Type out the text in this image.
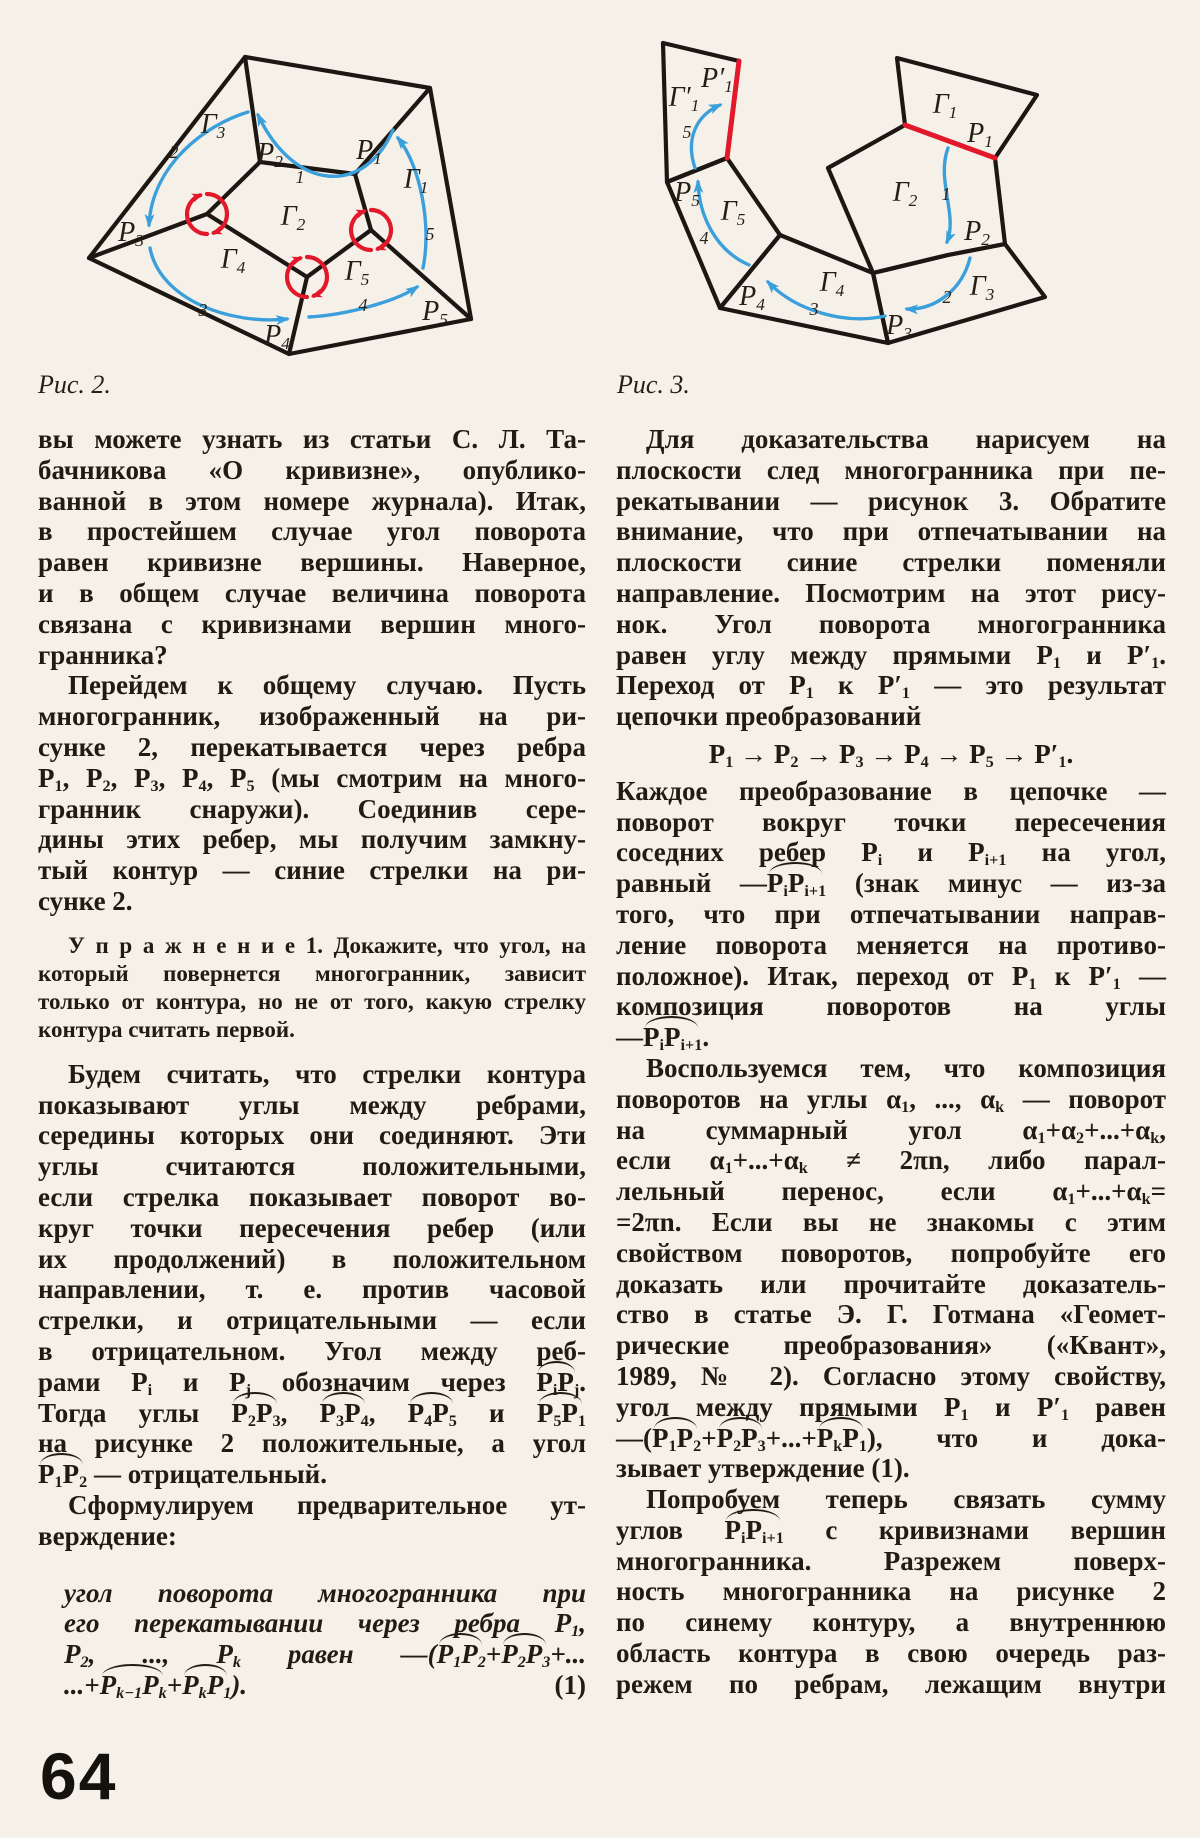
$\Gamma_3$
$\Gamma_1$
$\Gamma_2$
$\Gamma_4$	$\Gamma_5$
$P_1$
$P_2$
$P_3$
$P_4$
$P_5$
1
2
3	4
5
$\Gamma'_1$	$\Gamma_1$
$\Gamma_2$
$\Gamma_3$
$\Gamma_4$
$\Gamma_5$
$P'_1$
$P_1$
$P_2$
$P_3$
$P_4$
$P_5$	1
2
3
4
5
Рис. 2.	Рис. 3.
вы можете узнать из статьи С. Л. Та-
бачникова «О кривизне», опублико-
ванной в этом номере журнала). Итак,
в простейшем случае угол поворота
равен кривизне вершины. Наверное,
и в общем случае величина поворота
связана с кривизнами вершин много-
гранника?
Перейдем к общему случаю. Пусть
многогранник, изображенный на ри-
сунке 2, перекатывается через ребра
$P_1$, $P_2$, $P_3$, $P_4$, $P_5$ (мы смотрим на много-
гранник снаружи). Соединив сере-
дины этих ребер, мы получим замкну-
тый контур — синие стрелки на ри-
сунке 2.
У п р а ж н е н и е 1. Докажите, что угол, на
который повернется многогранник, зависит
только от контура, но не от того, какую стрелку
контура считать первой.
Будем считать, что стрелки контура
показывают углы между ребрами,
середины которых они соединяют. Эти
углы считаются положительными,
если стрелка показывает поворот во-
круг точки пересечения ребер (или
их продолжений) в положительном
направлении, т. е. против часовой
стрелки, и отрицательными — если
в отрицательном. Угол между реб-
рами $P_i$ и $P_j$ обозначим через $P_iP_j$.
Тогда углы $P_2P_3$, $P_3P_4$, $P_4P_5$ и $P_5P_1$
на рисунке 2 положительные, а угол
$P_1P_2$ — отрицательный.
Сформулируем предварительное ут-
верждение:
угол поворота многогранника при
его перекатывании через ребра $P_1$,
$P_2$, ..., $P_k$ равен $—(P_1P_2+P_2P_3+$...
$...+P_{k-1}P_k+P_kP_1$).	(1)
Для доказательства нарисуем на
плоскости след многогранника при пе-
рекатывании — рисунок 3. Обратите
внимание, что при отпечатывании на
плоскости синие стрелки поменяли
направление. Посмотрим на этот рису-
нок. Угол поворота многогранника
равен углу между прямыми $P_1$ и $P'_1$.
Переход от $P_1$ к $P'_1$ — это результат
цепочки преобразований
$P_1 \to P_2 \to P_3 \to P_4 \to P_5 \to P'_1$.
Каждое преобразование в цепочке —
поворот вокруг точки пересечения
соседних ребер $P_i$ и $P_{i+1}$ на угол,
равный $—P_iP_{i+1}$ (знак минус — из-за
того, что при отпечатывании направ-
ление поворота меняется на противо-
положное). Итак, переход от $P_1$ к $P'_1$ —
композиция поворотов на углы
$—P_iP_{i+1}$.
Воспользуемся тем, что композиция
поворотов на углы $\alpha_1$, ..., $\alpha_k$ — поворот
на суммарный угол $\alpha_1+\alpha_2+...+\alpha_k$,
если $\alpha_1+...+\alpha_k \ne 2\pi n$, либо парал-
лельный перенос, если $\alpha_1+...+\alpha_k=$
=2πn. Если вы не знакомы с этим
свойством поворотов, попробуйте его
доказать или прочитайте доказатель-
ство в статье Э. Г. Готмана «Геомет-
рические преобразования» («Квант»,
1989, № 2). Согласно этому свойству,
угол между прямыми $P_1$ и $P'_1$ равен
$—(P_1P_2+P_2P_3+...+P_kP_1)$, что и дока-
зывает утверждение (1).
Попробуем теперь связать сумму
углов $P_iP_{i+1}$ с кривизнами вершин
многогранника. Разрежем поверх-
ность многогранника на рисунке 2
по синему контуру, а внутреннюю
область контура в свою очередь раз-
режем по ребрам, лежащим внутри
64
